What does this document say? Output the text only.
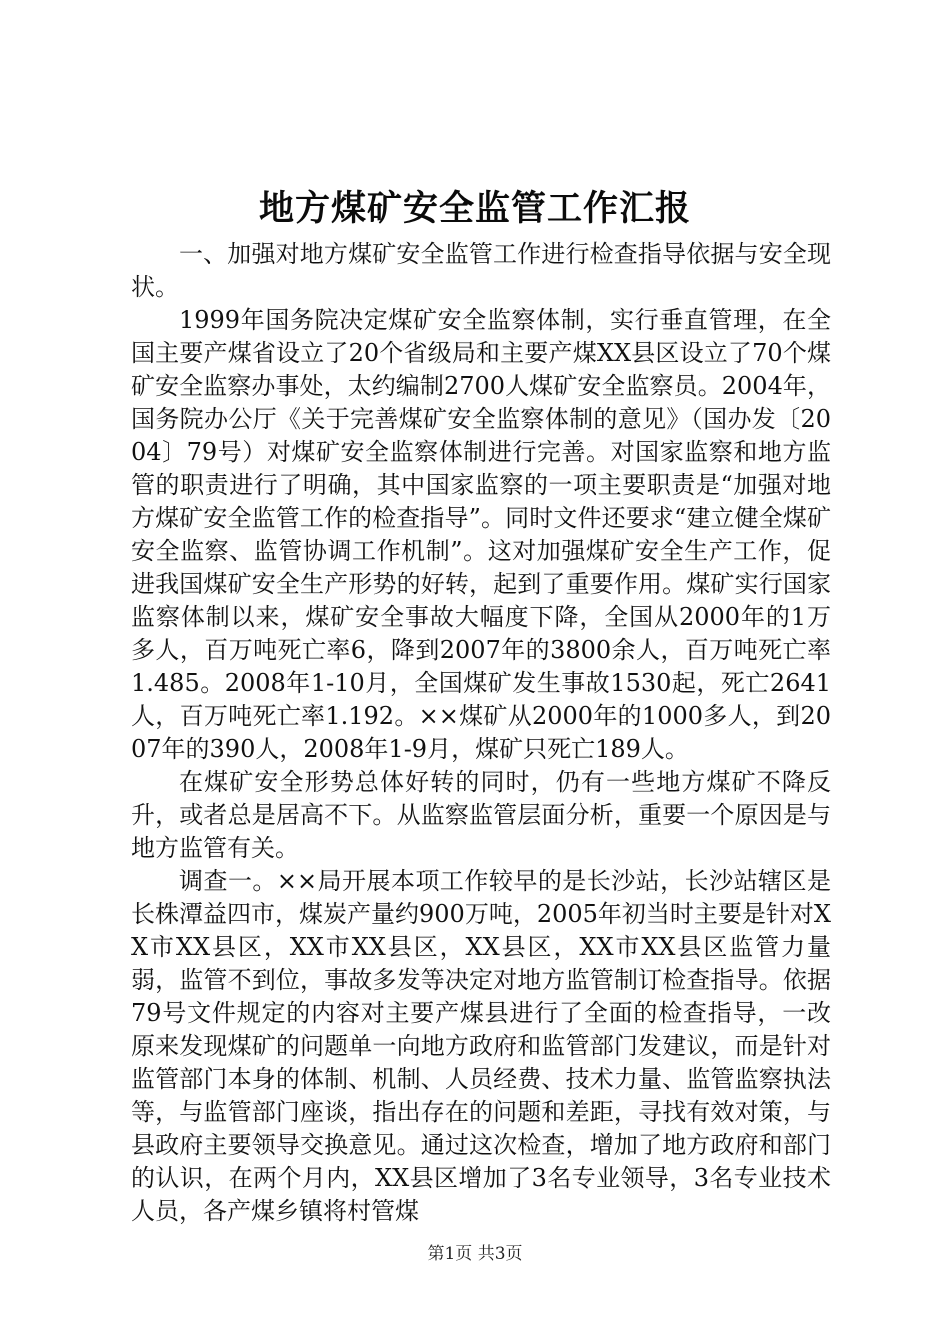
地方煤矿安全监管工作汇报

一、加强对地方煤矿安全监管工作进行检查指导依据与安全现状。

1999年国务院决定煤矿安全监察体制，实行垂直管理，在全国主要产煤省设立了20个省级局和主要产煤XX县区设立了70个煤矿安全监察办事处，太约编制2700人煤矿安全监察员。2004年，国务院办公厅《关于完善煤矿安全监察体制的意见》（国办发〔2004〕79号）对煤矿安全监察体制进行完善。对国家监察和地方监管的职责进行了明确，其中国家监察的一项主要职责是“加强对地方煤矿安全监管工作的检查指导”。同时文件还要求“建立健全煤矿安全监察、监管协调工作机制”。这对加强煤矿安全生产工作，促进我国煤矿安全生产形势的好转，起到了重要作用。煤矿实行国家监察体制以来，煤矿安全事故大幅度下降，全国从2000年的1万多人，百万吨死亡率6，降到2007年的3800余人，百万吨死亡率1.485。2008年1-10月，全国煤矿发生事故1530起，死亡2641人，百万吨死亡率1.192。××煤矿从2000年的1000多人，到2007年的390人，2008年1-9月，煤矿只死亡189人。

在煤矿安全形势总体好转的同时，仍有一些地方煤矿不降反升，或者总是居高不下。从监察监管层面分析，重要一个原因是与地方监管有关。

调查一。××局开展本项工作较早的是长沙站，长沙站辖区是长株潭益四市，煤炭产量约900万吨，2005年初当时主要是针对XX市XX县区，XX市XX县区，XX县区，XX市XX县区监管力量弱，监管不到位，事故多发等决定对地方监管制订检查指导。依据79号文件规定的内容对主要产煤县进行了全面的检查指导，一改原来发现煤矿的问题单一向地方政府和监管部门发建议，而是针对监管部门本身的体制、机制、人员经费、技术力量、监管监察执法等，与监管部门座谈，指出存在的问题和差距，寻找有效对策，与县政府主要领导交换意见。通过这次检查，增加了地方政府和部门的认识，在两个月内，XX县区增加了3名专业领导，3名专业技术人员，各产煤乡镇将村管煤

第1页 共3页
